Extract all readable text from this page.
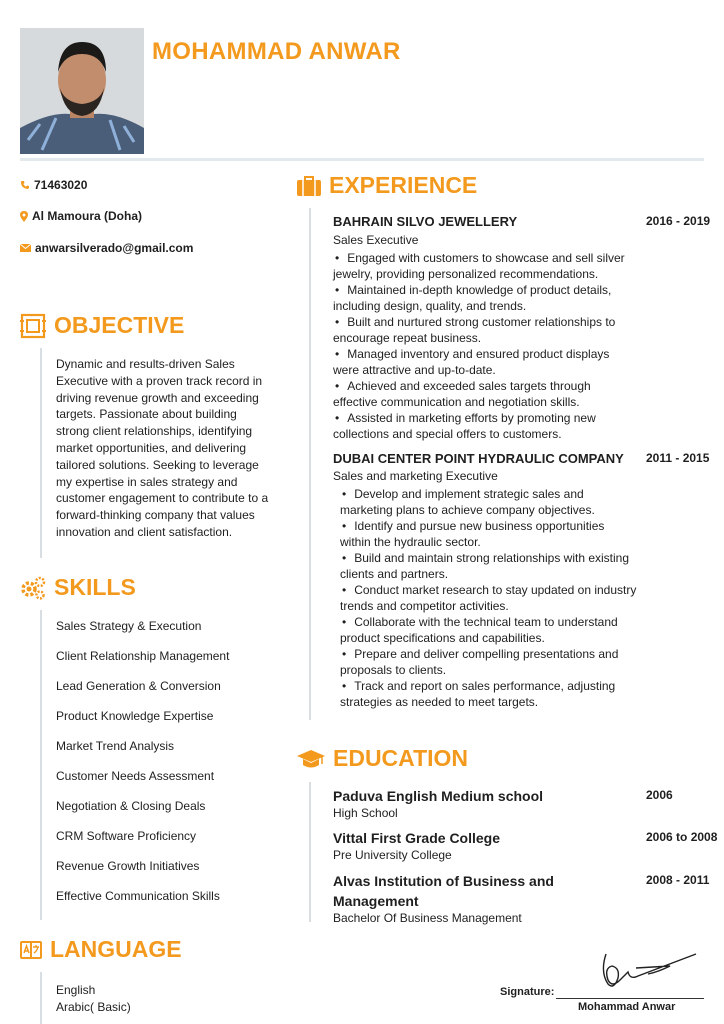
MOHAMMAD ANWAR
71463020
Al Mamoura (Doha)
anwarsilverado@gmail.com
OBJECTIVE
Dynamic and results-driven Sales Executive with a proven track record in driving revenue growth and exceeding targets. Passionate about building strong client relationships, identifying market opportunities, and delivering tailored solutions. Seeking to leverage my expertise in sales strategy and customer engagement to contribute to a forward-thinking company that values innovation and client satisfaction.
SKILLS
Sales Strategy & Execution
Client Relationship Management
Lead Generation & Conversion
Product Knowledge Expertise
Market Trend Analysis
Customer Needs Assessment
Negotiation & Closing Deals
CRM Software Proficiency
Revenue Growth Initiatives
Effective Communication Skills
LANGUAGE
English
Arabic( Basic)
EXPERIENCE
BAHRAIN SILVO JEWELLERY	2016 - 2019
Sales Executive
• Engaged with customers to showcase and sell silver jewelry, providing personalized recommendations.
• Maintained in-depth knowledge of product details, including design, quality, and trends.
• Built and nurtured strong customer relationships to encourage repeat business.
• Managed inventory and ensured product displays were attractive and up-to-date.
• Achieved and exceeded sales targets through effective communication and negotiation skills.
• Assisted in marketing efforts by promoting new collections and special offers to customers.
DUBAI CENTER POINT HYDRAULIC COMPANY 2011 - 2015
Sales and marketing Executive
• Develop and implement strategic sales and marketing plans to achieve company objectives.
• Identify and pursue new business opportunities within the hydraulic sector.
• Build and maintain strong relationships with existing clients and partners.
• Conduct market research to stay updated on industry trends and competitor activities.
• Collaborate with the technical team to understand product specifications and capabilities.
• Prepare and deliver compelling presentations and proposals to clients.
• Track and report on sales performance, adjusting strategies as needed to meet targets.
EDUCATION
Paduva English Medium school
High School
2006
Vittal First Grade College
Pre University College
2006 to 2008
Alvas Institution of Business and Management
Bachelor Of Business Management
2008 - 2011
Signature:
Mohammad Anwar
